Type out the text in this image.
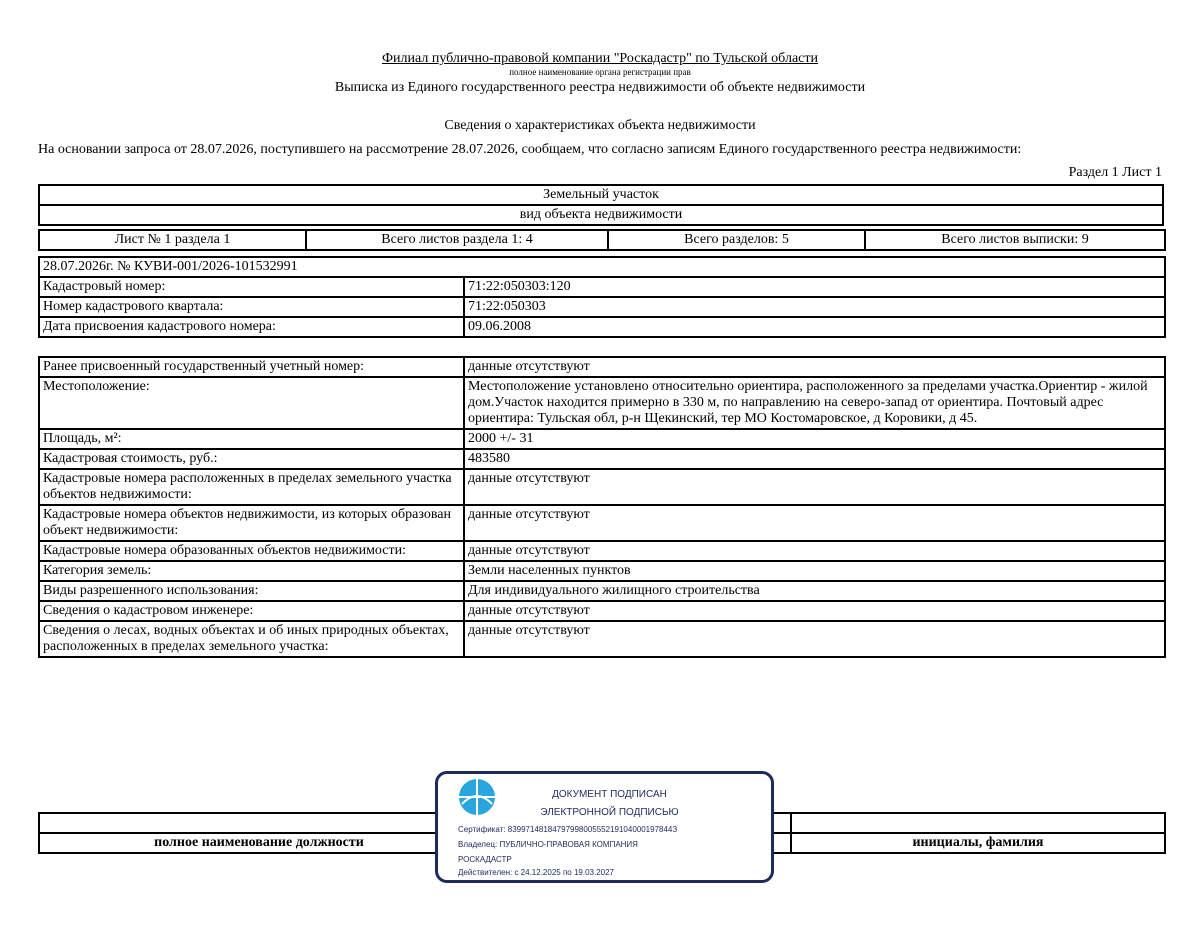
Филиал публично-правовой компании "Роскадастр" по Тульской области
полное наименование органа регистрации прав
Выписка из Единого государственного реестра недвижимости об объекте недвижимости
Сведения о характеристиках объекта недвижимости
На основании запроса от 28.07.2026, поступившего на рассмотрение 28.07.2026, сообщаем, что согласно записям Единого государственного реестра недвижимости:
Раздел 1 Лист 1
Земельный участок
вид объекта недвижимости
Лист № 1 раздела 1	Всего листов раздела 1: 4	Всего разделов: 5	Всего листов выписки: 9
28.07.2026г. № КУВИ-001/2026-101532991	
Кадастровый номер:	71:22:050303:120
Номер кадастрового квартала:	71:22:050303
Дата присвоения кадастрового номера:	09.06.2008
Ранее присвоенный государственный учетный номер:	данные отсутствуют
Местоположение:	Местоположение установлено относительно ориентира, расположенного за пределами участка.Ориентир - жилой дом.Участок находится примерно в 330 м, по направлению на северо-запад от ориентира. Почтовый адрес ориентира: Тульская обл, р-н Щекинский, тер МО Костомаровское, д Коровики, д 45.
Площадь, м²:	2000 +/- 31
Кадастровая стоимость, руб.:	483580
Кадастровые номера расположенных в пределах земельного участка объектов недвижимости:	данные отсутствуют
Кадастровые номера объектов недвижимости, из которых образован объект недвижимости:	данные отсутствуют
Кадастровые номера образованных объектов недвижимости:	данные отсутствуют
Категория земель:	Земли населенных пунктов
Виды разрешенного использования:	Для индивидуального жилищного строительства
Сведения о кадастровом инженере:	данные отсутствуют
Сведения о лесах, водных объектах и об иных природных объектах, расположенных в пределах земельного участка:	данные отсутствуют

полное наименование должности		инициалы, фамилия
ДОКУМЕНТ ПОДПИСАН
ЭЛЕКТРОННОЙ ПОДПИСЬЮ
Сертификат: 8399714818479799800555219104000197844З
Владелец: ПУБЛИЧНО-ПРАВОВАЯ КОМПАНИЯ
РОСКАДАСТР
Действителен: с 24.12.2025 по 19.03.2027
